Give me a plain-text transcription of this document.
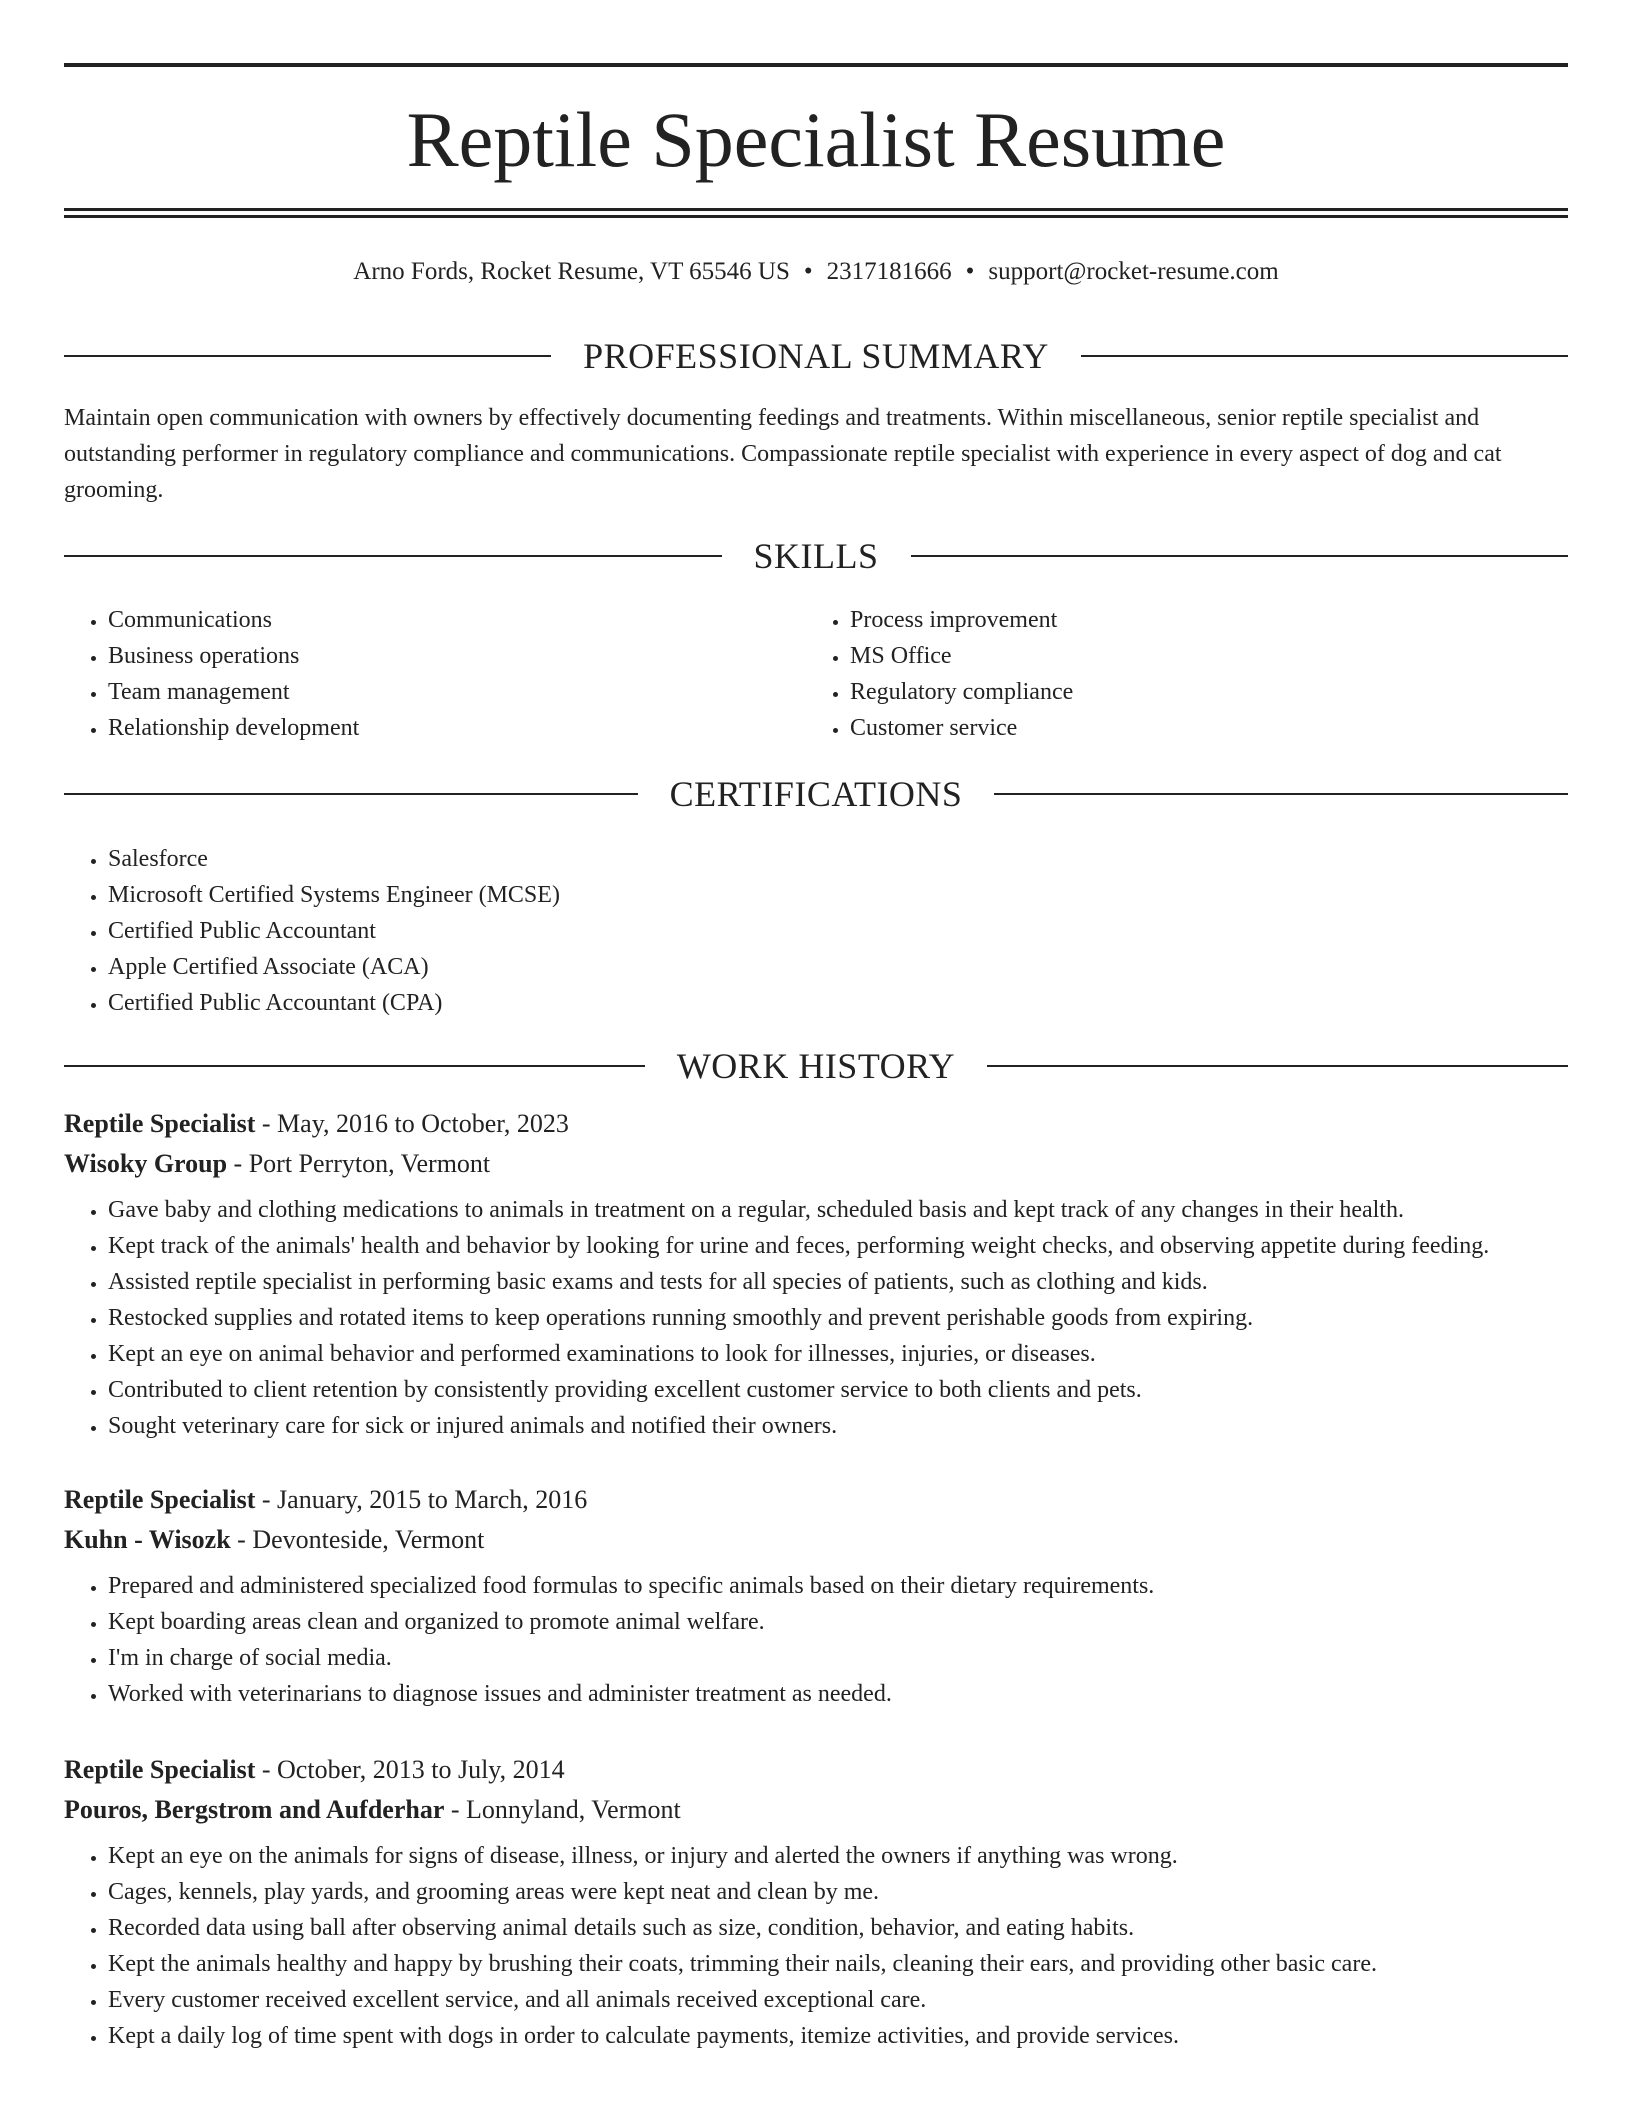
Reptile Specialist Resume
Arno Fords, Rocket Resume, VT 65546 US • 2317181666 • support@rocket-resume.com
PROFESSIONAL SUMMARY

Maintain open communication with owners by effectively documenting feedings and treatments. Within miscellaneous, senior reptile specialist and outstanding performer in regulatory compliance and communications. Compassionate reptile specialist with experience in every aspect of dog and cat grooming.

SKILLS
• Communications
• Business operations
• Team management
• Relationship development
• Process improvement
• MS Office
• Regulatory compliance
• Customer service
CERTIFICATIONS
• Salesforce
• Microsoft Certified Systems Engineer (MCSE)
• Certified Public Accountant
• Apple Certified Associate (ACA)
• Certified Public Accountant (CPA)
WORK HISTORY
Reptile Specialist - May, 2016 to October, 2023
Wisoky Group - Port Perryton, Vermont
• Gave baby and clothing medications to animals in treatment on a regular, scheduled basis and kept track of any changes in their health.
• Kept track of the animals' health and behavior by looking for urine and feces, performing weight checks, and observing appetite during feeding.
• Assisted reptile specialist in performing basic exams and tests for all species of patients, such as clothing and kids.
• Restocked supplies and rotated items to keep operations running smoothly and prevent perishable goods from expiring.
• Kept an eye on animal behavior and performed examinations to look for illnesses, injuries, or diseases.
• Contributed to client retention by consistently providing excellent customer service to both clients and pets.
• Sought veterinary care for sick or injured animals and notified their owners.
Reptile Specialist - January, 2015 to March, 2016
Kuhn - Wisozk - Devonteside, Vermont
• Prepared and administered specialized food formulas to specific animals based on their dietary requirements.
• Kept boarding areas clean and organized to promote animal welfare.
• I'm in charge of social media.
• Worked with veterinarians to diagnose issues and administer treatment as needed.
Reptile Specialist - October, 2013 to July, 2014
Pouros, Bergstrom and Aufderhar - Lonnyland, Vermont
• Kept an eye on the animals for signs of disease, illness, or injury and alerted the owners if anything was wrong.
• Cages, kennels, play yards, and grooming areas were kept neat and clean by me.
• Recorded data using ball after observing animal details such as size, condition, behavior, and eating habits.
• Kept the animals healthy and happy by brushing their coats, trimming their nails, cleaning their ears, and providing other basic care.
• Every customer received excellent service, and all animals received exceptional care.
• Kept a daily log of time spent with dogs in order to calculate payments, itemize activities, and provide services.
